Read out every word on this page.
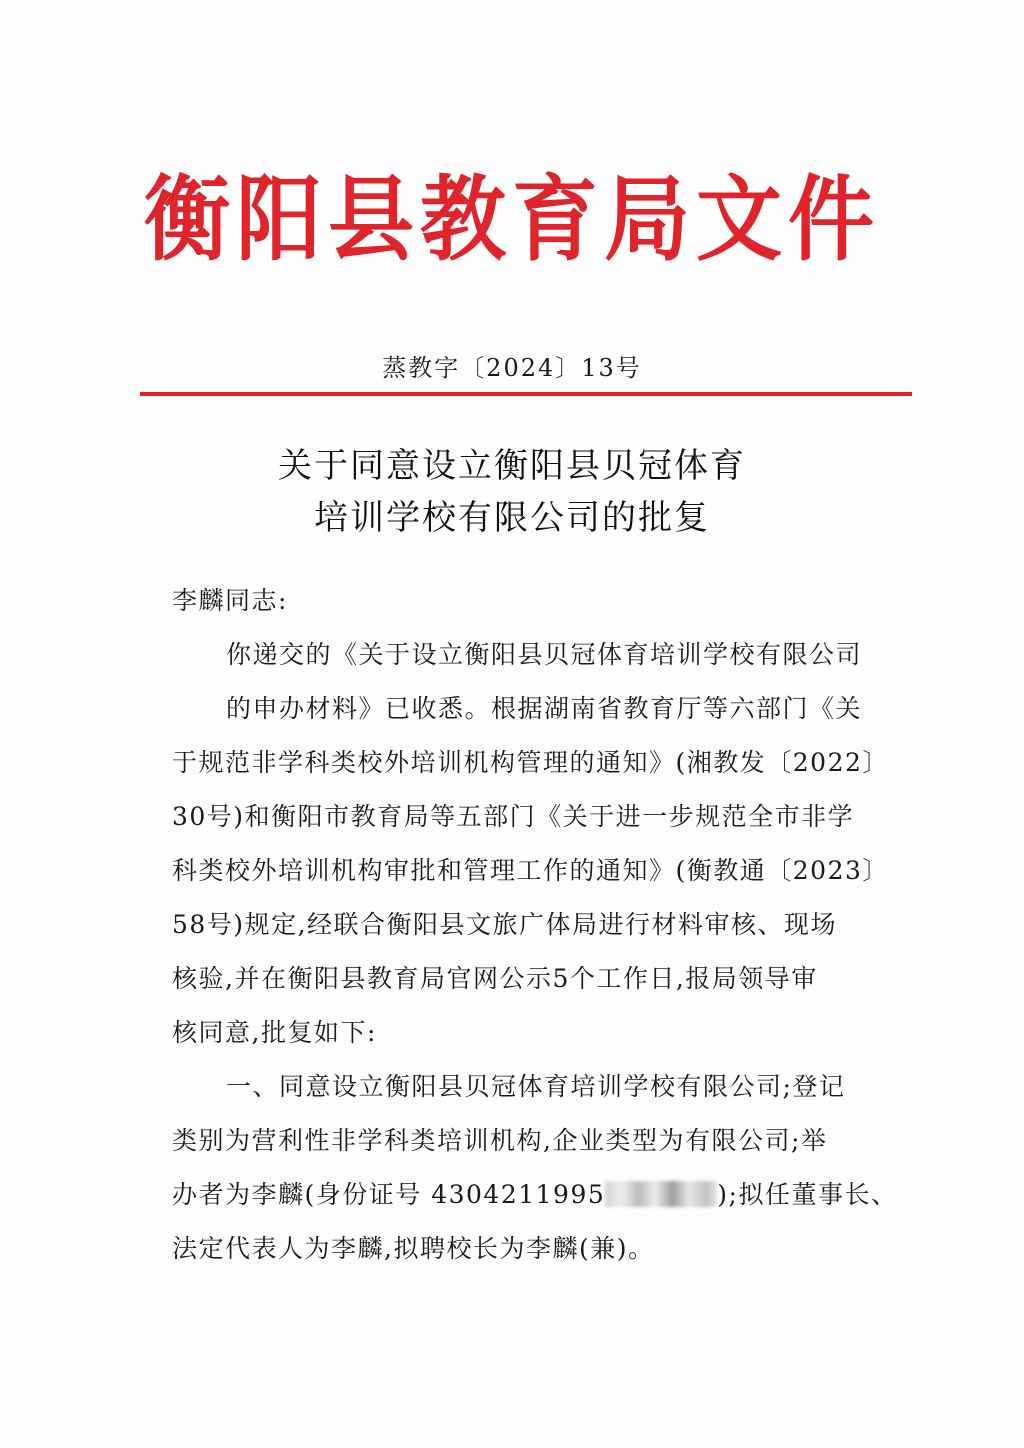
衡阳县教育局文件
蒸教字〔2024〕13号
关于同意设立衡阳县贝冠体育
培训学校有限公司的批复
李麟同志:
你递交的《关于设立衡阳县贝冠体育培训学校有限公司
的申办材料》已收悉。根据湖南省教育厅等六部门《关
于规范非学科类校外培训机构管理的通知》(湘教发〔2022〕
30号)和衡阳市教育局等五部门《关于进一步规范全市非学
科类校外培训机构审批和管理工作的通知》(衡教通〔2023〕
58号)规定,经联合衡阳县文旅广体局进行材料审核、现场
核验,并在衡阳县教育局官网公示5个工作日,报局领导审
核同意,批复如下:
一、同意设立衡阳县贝冠体育培训学校有限公司;登记
类别为营利性非学科类培训机构,企业类型为有限公司;举
办者为李麟(身份证号 4304211995	);拟任董事长、
法定代表人为李麟,拟聘校长为李麟(兼)。
